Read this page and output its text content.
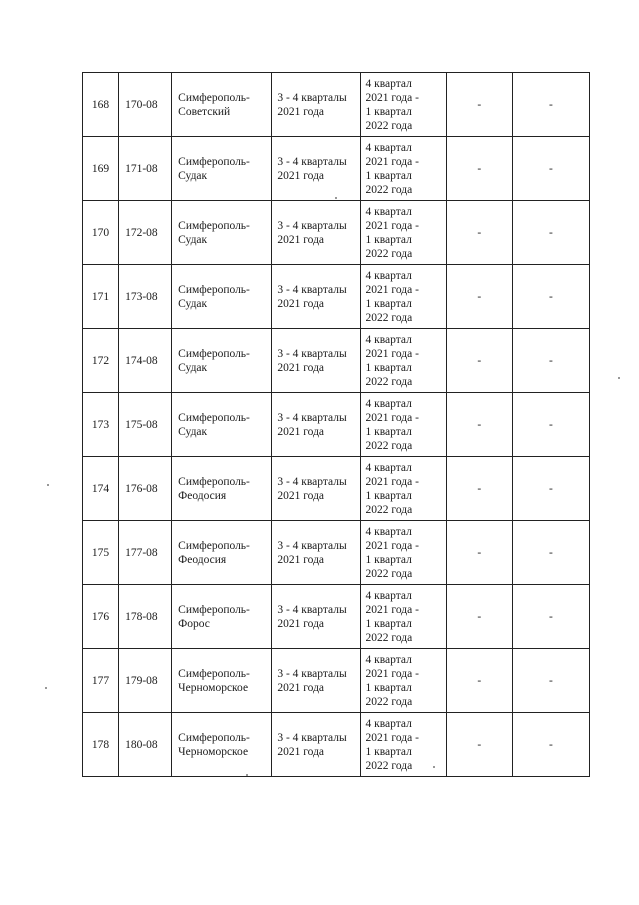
168	170-08	Симферополь-Советский	3 - 4 кварталы 2021 года	4 квартал
2021 года -
1 квартал
2022 года	-	-
169	171-08	Симферополь-Судак	3 - 4 кварталы 2021 года	4 квартал
2021 года -
1 квартал
2022 года	-	-
170	172-08	Симферополь-Судак	3 - 4 кварталы 2021 года	4 квартал
2021 года -
1 квартал
2022 года	-	-
171	173-08	Симферополь-Судак	3 - 4 кварталы 2021 года	4 квартал
2021 года -
1 квартал
2022 года	-	-
172	174-08	Симферополь-Судак	3 - 4 кварталы 2021 года	4 квартал
2021 года -
1 квартал
2022 года	-	-
173	175-08	Симферополь-Судак	3 - 4 кварталы 2021 года	4 квартал
2021 года -
1 квартал
2022 года	-	-
174	176-08	Симферополь-Феодосия	3 - 4 кварталы 2021 года	4 квартал
2021 года -
1 квартал
2022 года	-	-
175	177-08	Симферополь-Феодосия	3 - 4 кварталы 2021 года	4 квартал
2021 года -
1 квартал
2022 года	-	-
176	178-08	Симферополь-Форос	3 - 4 кварталы 2021 года	4 квартал
2021 года -
1 квартал
2022 года	-	-
177	179-08	Симферополь-Черноморское	3 - 4 кварталы 2021 года	4 квартал
2021 года -
1 квартал
2022 года	-	-
178	180-08	Симферополь-Черноморское	3 - 4 кварталы 2021 года	4 квартал
2021 года -
1 квартал
2022 года	-	-
